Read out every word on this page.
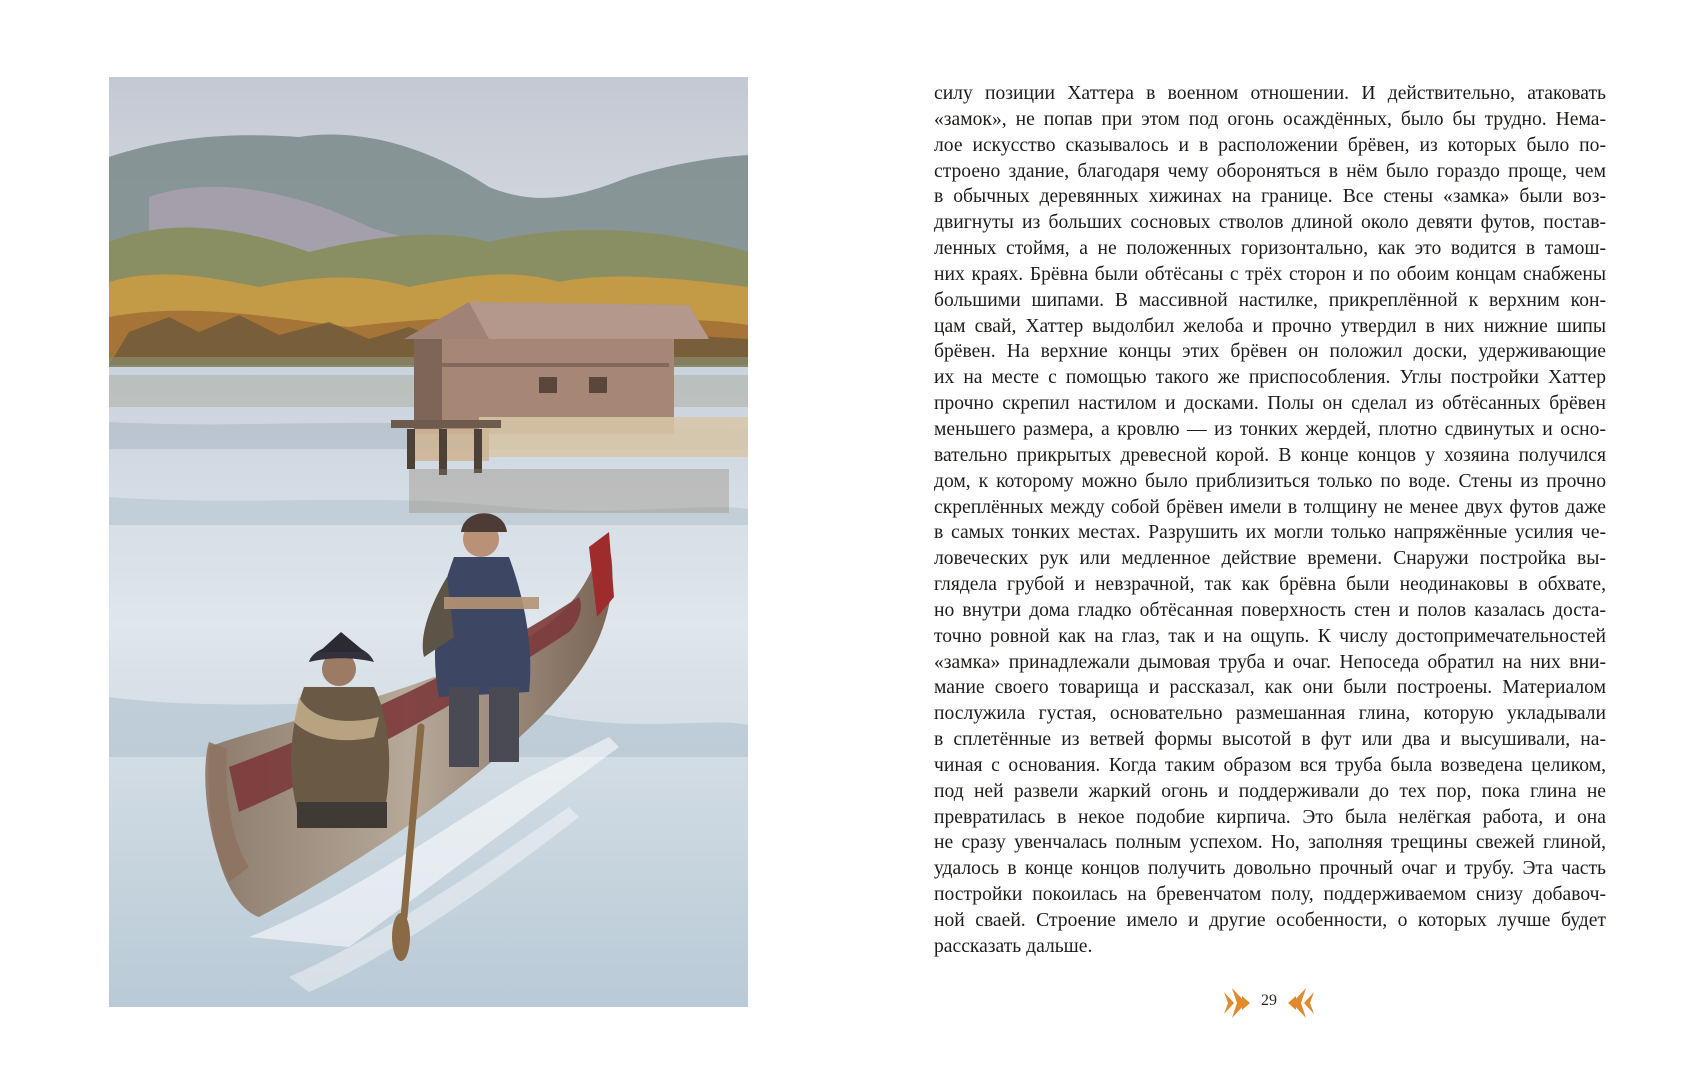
силу позиции Хаттера в военном отношении. И действительно, атаковать
«замок», не попав при этом под огонь осаждённых, было бы трудно. Нема-
лое искусство сказывалось и в расположении брёвен, из которых было по-
строено здание, благодаря чему обороняться в нём было гораздо проще, чем
в обычных деревянных хижинах на границе. Все стены «замка» были воз-
двигнуты из больших сосновых стволов длиной около девяти футов, постав-
ленных стоймя, а не положенных горизонтально, как это водится в тамош-
них краях. Брёвна были обтёсаны с трёх сторон и по обоим концам снабжены
большими шипами. В массивной настилке, прикреплённой к верхним кон-
цам свай, Хаттер выдолбил желоба и прочно утвердил в них нижние шипы
брёвен. На верхние концы этих брёвен он положил доски, удерживающие
их на месте с помощью такого же приспособления. Углы постройки Хаттер
прочно скрепил настилом и досками. Полы он сделал из обтёсанных брёвен
меньшего размера, а кровлю — из тонких жердей, плотно сдвинутых и осно-
вательно прикрытых древесной корой. В конце концов у хозяина получился
дом, к которому можно было приблизиться только по воде. Стены из прочно
скреплённых между собой брёвен имели в толщину не менее двух футов даже
в самых тонких местах. Разрушить их могли только напряжённые усилия че-
ловеческих рук или медленное действие времени. Снаружи постройка вы-
глядела грубой и невзрачной, так как брёвна были неодинаковы в обхвате,
но внутри дома гладко обтёсанная поверхность стен и полов казалась доста-
точно ровной как на глаз, так и на ощупь. К числу достопримечательностей
«замка» принадлежали дымовая труба и очаг. Непоседа обратил на них вни-
мание своего товарища и рассказал, как они были построены. Материалом
послужила густая, основательно размешанная глина, которую укладывали
в сплетённые из ветвей формы высотой в фут или два и высушивали, на-
чиная с основания. Когда таким образом вся труба была возведена целиком,
под ней развели жаркий огонь и поддерживали до тех пор, пока глина не
превратилась в некое подобие кирпича. Это была нелёгкая работа, и она
не сразу увенчалась полным успехом. Но, заполняя трещины свежей глиной,
удалось в конце концов получить довольно прочный очаг и трубу. Эта часть
постройки покоилась на бревенчатом полу, поддерживаемом снизу добавоч-
ной сваей. Строение имело и другие особенности, о которых лучше будет
рассказать дальше.
29
